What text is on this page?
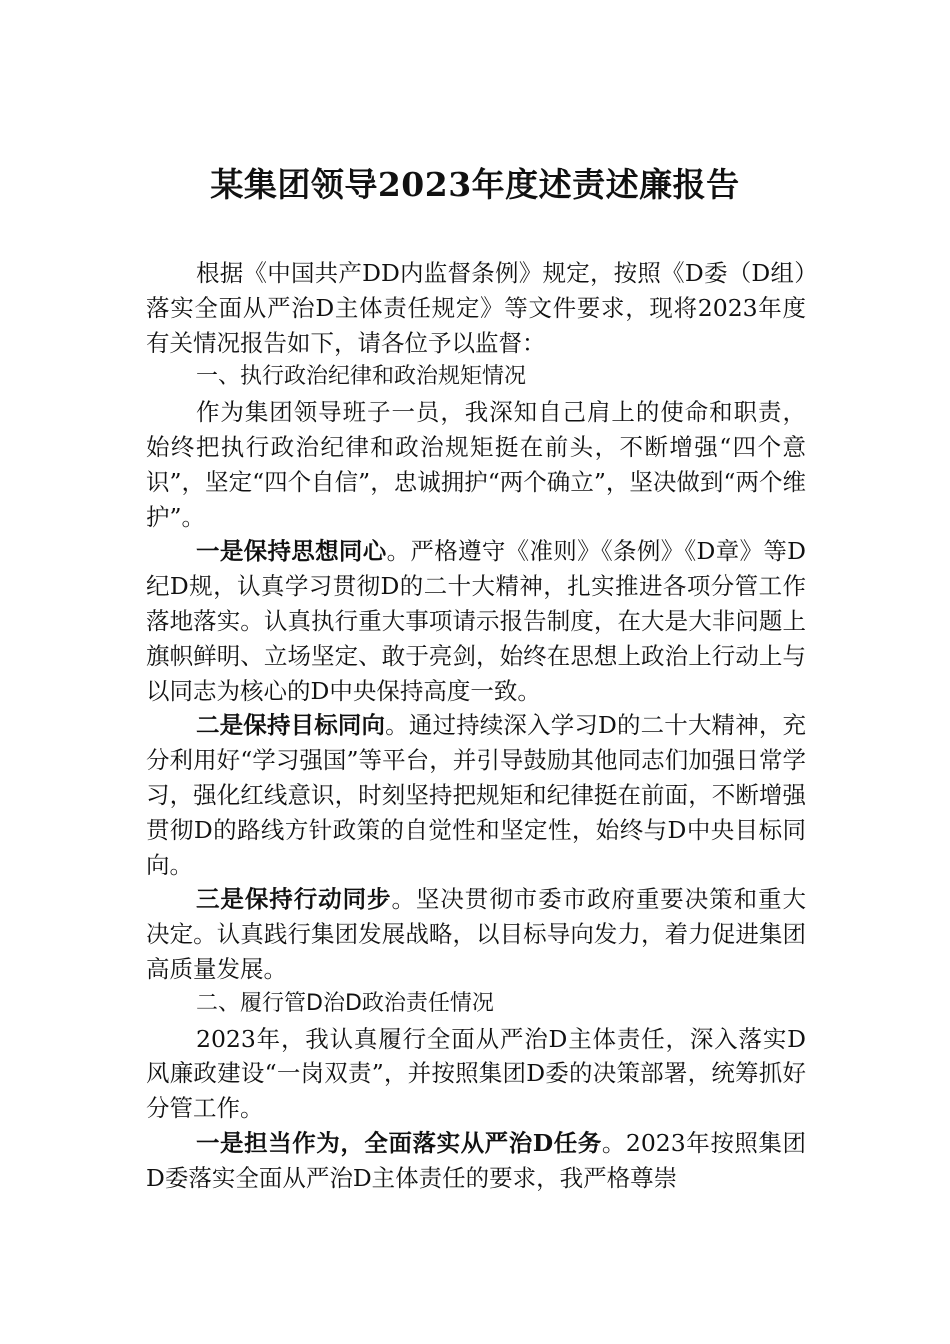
某集团领导2023年度述责述廉报告

根据《中国共产DD内监督条例》规定，按照《D委（D组）落实全面从严治D主体责任规定》等文件要求，现将2023年度有关情况报告如下，请各位予以监督：

一、执行政治纪律和政治规矩情况

作为集团领导班子一员，我深知自己肩上的使命和职责，始终把执行政治纪律和政治规矩挺在前头，不断增强“四个意识”，坚定“四个自信”，忠诚拥护“两个确立”，坚决做到“两个维护”。

一是保持思想同心。严格遵守《准则》《条例》《D章》等D纪D规，认真学习贯彻D的二十大精神，扎实推进各项分管工作落地落实。认真执行重大事项请示报告制度，在大是大非问题上旗帜鲜明、立场坚定、敢于亮剑，始终在思想上政治上行动上与以同志为核心的D中央保持高度一致。

二是保持目标同向。通过持续深入学习D的二十大精神，充分利用好“学习强国”等平台，并引导鼓励其他同志们加强日常学习，强化红线意识，时刻坚持把规矩和纪律挺在前面，不断增强贯彻D的路线方针政策的自觉性和坚定性，始终与D中央目标同向。

三是保持行动同步。坚决贯彻市委市政府重要决策和重大决定。认真践行集团发展战略，以目标导向发力，着力促进集团高质量发展。

二、履行管D治D政治责任情况

2023年，我认真履行全面从严治D主体责任，深入落实D风廉政建设“一岗双责”，并按照集团D委的决策部署，统筹抓好分管工作。

一是担当作为，全面落实从严治D任务。2023年按照集团D委落实全面从严治D主体责任的要求，我严格尊崇
